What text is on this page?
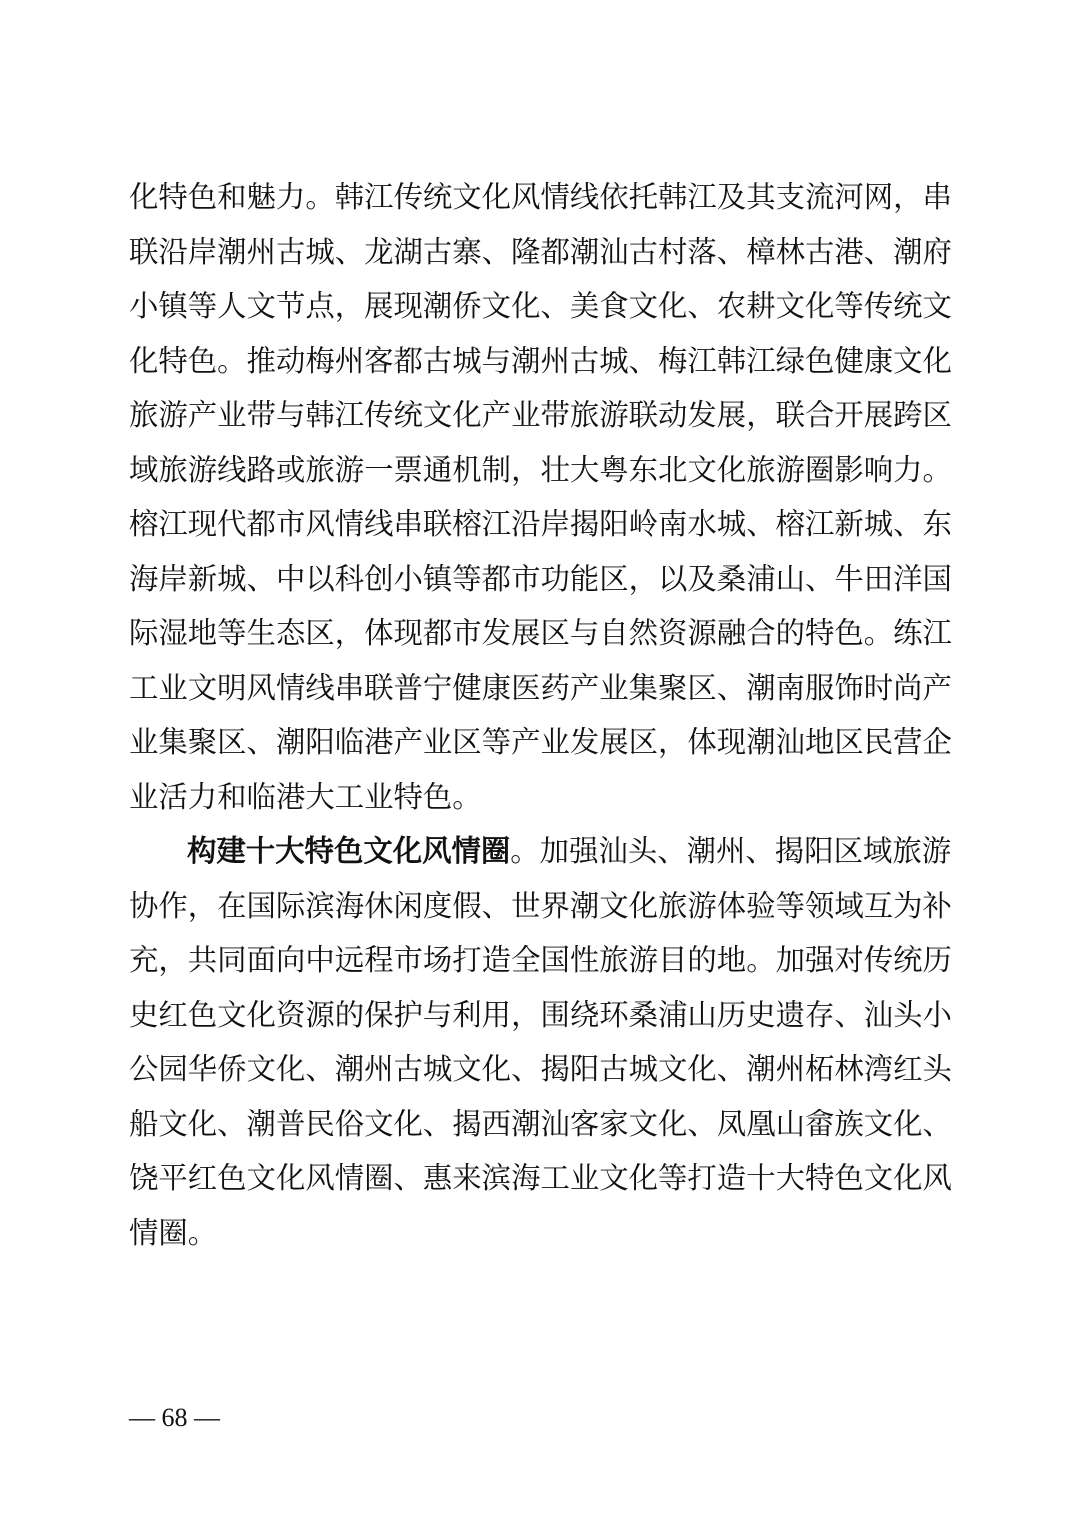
化特色和魅力。韩江传统文化风情线依托韩江及其支流河网，串
联沿岸潮州古城、龙湖古寨、隆都潮汕古村落、樟林古港、潮府
小镇等人文节点，展现潮侨文化、美食文化、农耕文化等传统文
化特色。推动梅州客都古城与潮州古城、梅江韩江绿色健康文化
旅游产业带与韩江传统文化产业带旅游联动发展，联合开展跨区
域旅游线路或旅游一票通机制，壮大粤东北文化旅游圈影响力。
榕江现代都市风情线串联榕江沿岸揭阳岭南水城、榕江新城、东
海岸新城、中以科创小镇等都市功能区，以及桑浦山、牛田洋国
际湿地等生态区，体现都市发展区与自然资源融合的特色。练江
工业文明风情线串联普宁健康医药产业集聚区、潮南服饰时尚产
业集聚区、潮阳临港产业区等产业发展区，体现潮汕地区民营企
业活力和临港大工业特色。
构建十大特色文化风情圈。加强汕头、潮州、揭阳区域旅游
协作，在国际滨海休闲度假、世界潮文化旅游体验等领域互为补
充，共同面向中远程市场打造全国性旅游目的地。加强对传统历
史红色文化资源的保护与利用，围绕环桑浦山历史遗存、汕头小
公园华侨文化、潮州古城文化、揭阳古城文化、潮州柘林湾红头
船文化、潮普民俗文化、揭西潮汕客家文化、凤凰山畲族文化、
饶平红色文化风情圈、惠来滨海工业文化等打造十大特色文化风
情圈。
— 68 —
